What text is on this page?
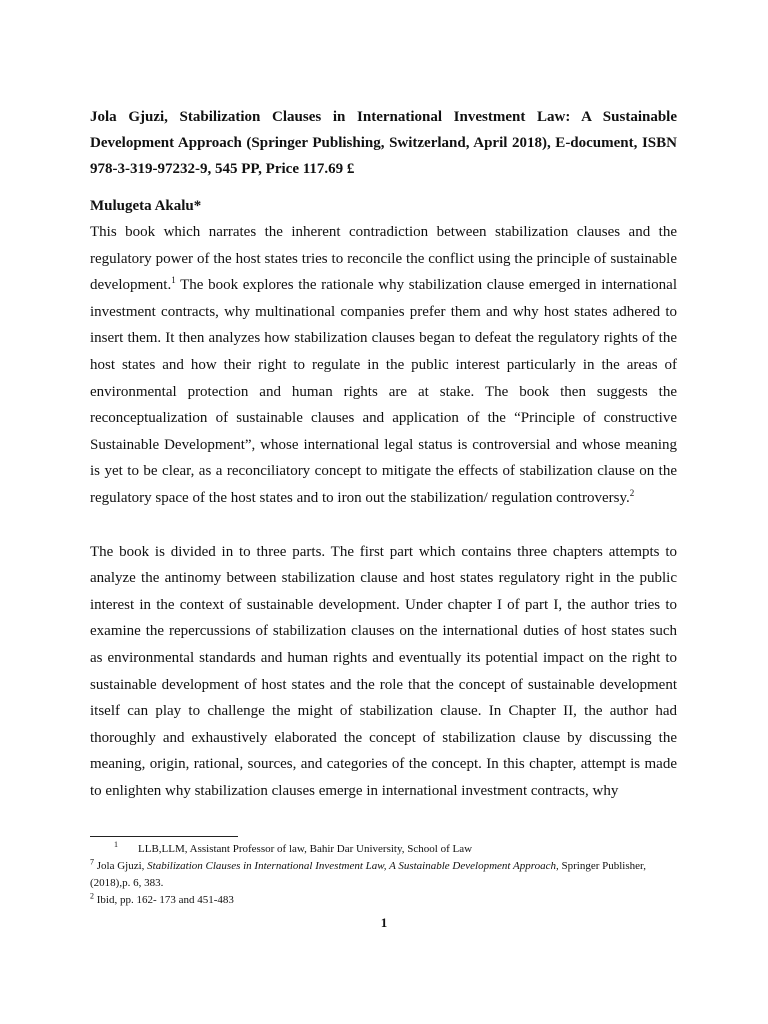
Jola Gjuzi, Stabilization Clauses in International Investment Law: A Sustainable Development Approach (Springer Publishing, Switzerland, April 2018), E-document, ISBN 978-3-319-97232-9, 545 PP, Price 117.69 £

Mulugeta Akalu*

This book which narrates the inherent contradiction between stabilization clauses and the regulatory power of the host states tries to reconcile the conflict using the principle of sustainable development.$^1$ The book explores the rationale why stabilization clause emerged in international investment contracts, why multinational companies prefer them and why host states adhered to insert them. It then analyzes how stabilization clauses began to defeat the regulatory rights of the host states and how their right to regulate in the public interest particularly in the areas of environmental protection and human rights are at stake. The book then suggests the reconceptualization of sustainable clauses and application of the “Principle of constructive Sustainable Development”, whose international legal status is controversial and whose meaning is yet to be clear, as a reconciliatory concept to mitigate the effects of stabilization clause on the regulatory space of the host states and to iron out the stabilization/ regulation controversy.$^2$

The book is divided in to three parts. The first part which contains three chapters attempts to analyze the antinomy between stabilization clause and host states regulatory right in the public interest in the context of sustainable development. Under chapter I of part I, the author tries to examine the repercussions of stabilization clauses on the international duties of host states such as environmental standards and human rights and eventually its potential impact on the right to sustainable development of host states and the role that the concept of sustainable development itself can play to challenge the might of stabilization clause. In Chapter II, the author had thoroughly and exhaustively elaborated the concept of stabilization clause by discussing the meaning, origin, rational, sources, and categories of the concept. In this chapter, attempt is made to enlighten why stabilization clauses emerge in international investment contracts, why

1 LLB,LLM, Assistant Professor of law, Bahir Dar University, School of Law

$^7$ Jola Gjuzi, Stabilization Clauses in International Investment Law, A Sustainable Development Approach, Springer Publisher,(2018),p. 6, 383.

$^2$ Ibid, pp. 162- 173 and 451-483

1
